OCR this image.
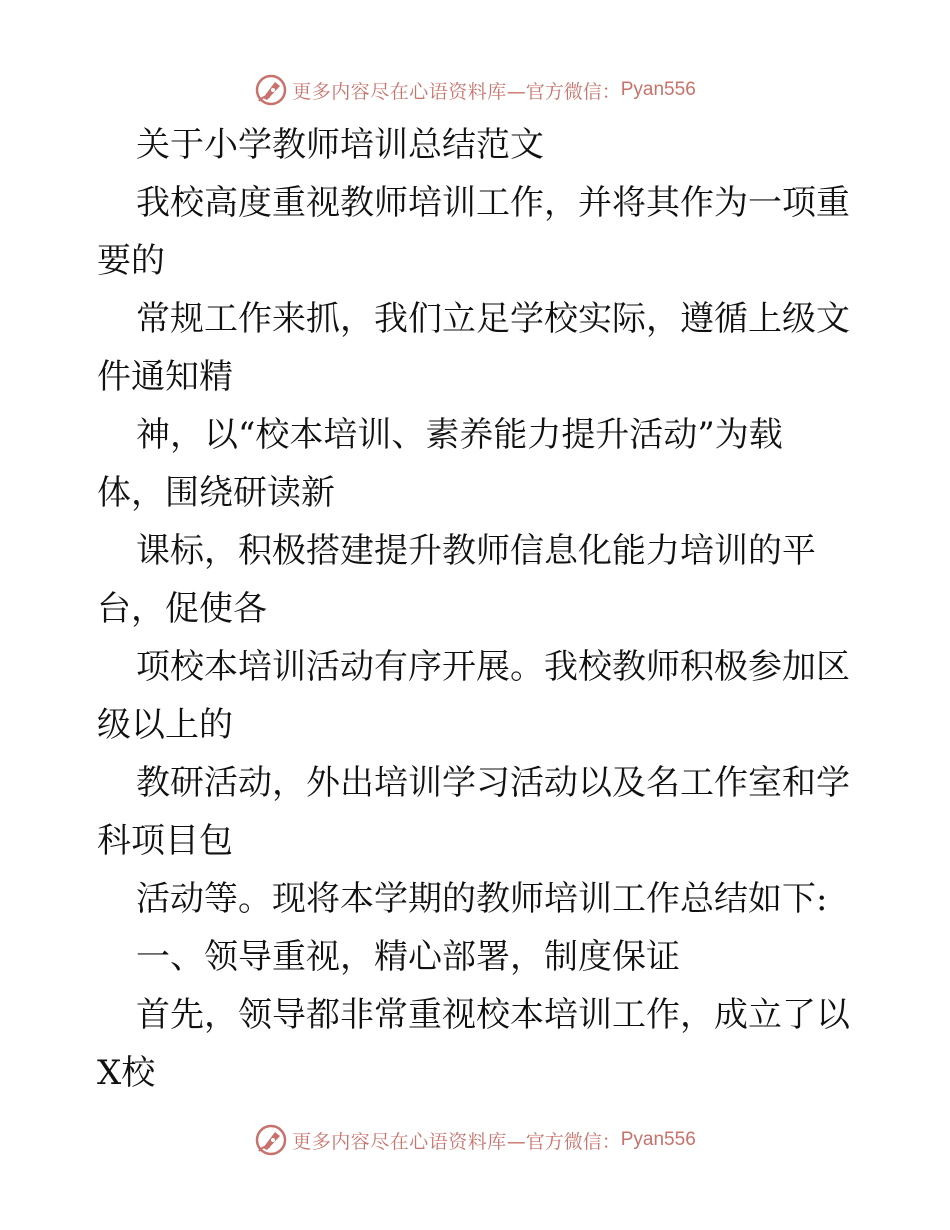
更多内容尽在心语资料库 —官方微信： Pyan556
关于小学教师培训总结范文
我校高度重视教师培训工作，并将其作为一项重
要的
常规工作来抓，我们立足学校实际，遵循上级文
件通知精
神，以“校本培训、素养能力提升活动”为载
体，围绕研读新
课标，积极搭建提升教师信息化能力培训的平
台，促使各
项校本培训活动有序开展。我校教师积极参加区
级以上的
教研活动，外出培训学习活动以及名工作室和学
科项目包
活动等。现将本学期的教师培训工作总结如下:
一、领导重视，精心部署，制度保证
首先，领导都非常重视校本培训工作，成立了以
X校
更多内容尽在心语资料库 —官方微信： Pyan556
